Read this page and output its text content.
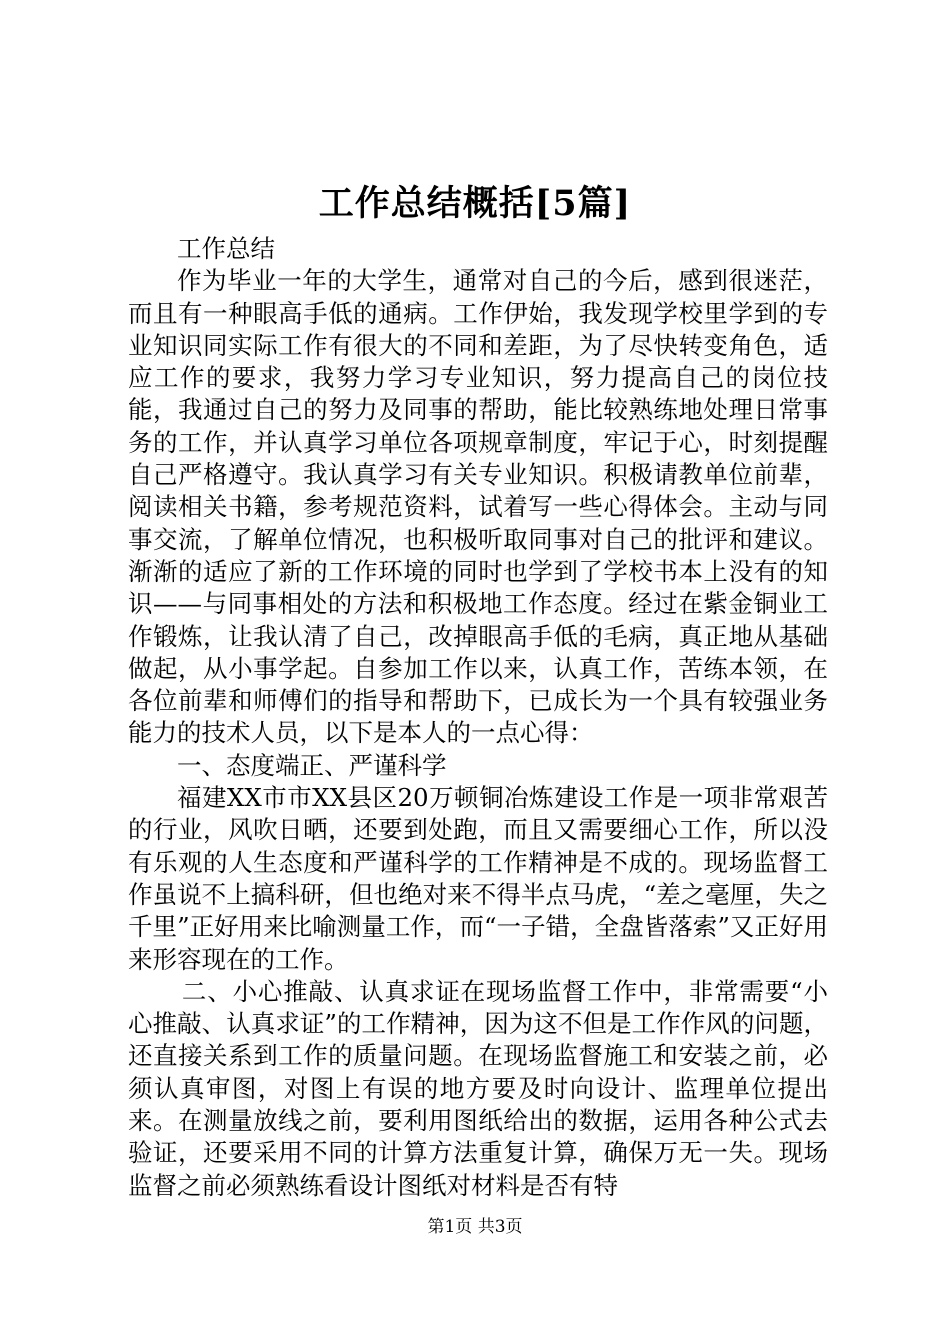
工作总结概括[5篇]

工作总结

作为毕业一年的大学生，通常对自己的今后，感到很迷茫，而且有一种眼高手低的通病。工作伊始，我发现学校里学到的专业知识同实际工作有很大的不同和差距，为了尽快转变角色，适应工作的要求，我努力学习专业知识，努力提高自己的岗位技能，我通过自己的努力及同事的帮助，能比较熟练地处理日常事务的工作，并认真学习单位各项规章制度，牢记于心，时刻提醒自己严格遵守。我认真学习有关专业知识。积极请教单位前辈，阅读相关书籍，参考规范资料，试着写一些心得体会。主动与同事交流，了解单位情况，也积极听取同事对自己的批评和建议。渐渐的适应了新的工作环境的同时也学到了学校书本上没有的知识——与同事相处的方法和积极地工作态度。经过在紫金铜业工作锻炼，让我认清了自己，改掉眼高手低的毛病，真正地从基础做起，从小事学起。自参加工作以来，认真工作，苦练本领，在各位前辈和师傅们的指导和帮助下，已成长为一个具有较强业务能力的技术人员，以下是本人的一点心得：

一、态度端正、严谨科学

福建XX市市XX县区20万顿铜冶炼建设工作是一项非常艰苦的行业，风吹日晒，还要到处跑，而且又需要细心工作，所以没有乐观的人生态度和严谨科学的工作精神是不成的。现场监督工作虽说不上搞科研，但也绝对来不得半点马虎，“差之毫厘，失之千里”正好用来比喻测量工作，而“一子错，全盘皆落索”又正好用来形容现在的工作。

二、小心推敲、认真求证在现场监督工作中，非常需要“小心推敲、认真求证”的工作精神，因为这不但是工作作风的问题，还直接关系到工作的质量问题。在现场监督施工和安装之前，必须认真审图，对图上有误的地方要及时向设计、监理单位提出来。在测量放线之前，要利用图纸给出的数据，运用各种公式去验证，还要采用不同的计算方法重复计算，确保万无一失。现场监督之前必须熟练看设计图纸对材料是否有特

第1页 共3页
